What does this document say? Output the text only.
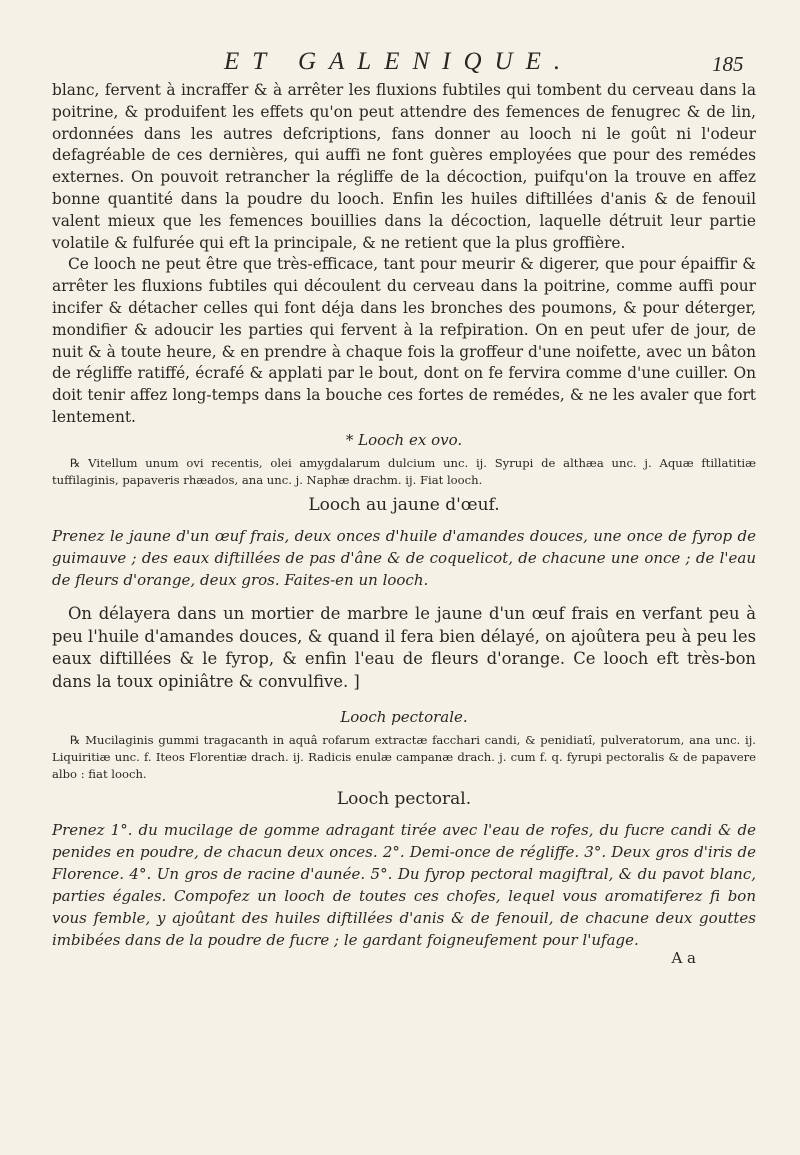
ET GALENIQUE.	185

blanc, fervent à incraffer & à arrêter les fluxions fubtiles qui tombent du cerveau dans la poitrine, & produifent les effets qu'on peut attendre des femences de fenugrec & de lin, ordonnées dans les autres defcriptions, fans donner au looch ni le goût ni l'odeur defagréable de ces dernières, qui auffi ne font guères employées que pour des remédes externes. On pouvoit retrancher la régliffe de la décoction, puifqu'on la trouve en affez bonne quantité dans la poudre du looch. Enfin les huiles diftillées d'anis & de fenouil valent mieux que les femences bouillies dans la décoction, laquelle détruit leur partie volatile & fulfurée qui eft la principale, & ne retient que la plus groffière.

Ce looch ne peut être que très-efficace, tant pour meurir & digerer, que pour épaiffir & arrêter les fluxions fubtiles qui découlent du cerveau dans la poitrine, comme auffi pour incifer & détacher celles qui font déja dans les bronches des poumons, & pour déterger, mondifier & adoucir les parties qui fervent à la refpiration. On en peut ufer de jour, de nuit & à toute heure, & en prendre à chaque fois la groffeur d'une noifette, avec un bâton de régliffe ratiffé, écrafé & applati par le bout, dont on fe fervira comme d'une cuiller. On doit tenir affez long-temps dans la bouche ces fortes de remédes, & ne les avaler que fort lentement.

* Looch ex ovo.

℞ Vitellum unum ovi recentis, olei amygdalarum dulcium unc. ij. Syrupi de althæa unc. j. Aquæ ftillatitiæ tuffilaginis, papaveris rhæados, ana unc. j. Naphæ drachm. ij. Fiat looch.

Looch au jaune d'œuf.

Prenez le jaune d'un œuf frais, deux onces d'huile d'amandes douces, une once de fyrop de guimauve ; des eaux diftillées de pas d'âne & de coquelicot, de chacune une once ; de l'eau de fleurs d'orange, deux gros. Faites-en un looch.

On délayera dans un mortier de marbre le jaune d'un œuf frais en verfant peu à peu l'huile d'amandes douces, & quand il fera bien délayé, on ajoûtera peu à peu les eaux diftillées & le fyrop, & enfin l'eau de fleurs d'orange. Ce looch eft très-bon dans la toux opiniâtre & convulfive. ]

Looch pectorale.

℞ Mucilaginis gummi tragacanth in aquâ rofarum extractæ facchari candi, & penidiatî, pulveratorum, ana unc. ij. Liquiritiæ unc. f. Iteos Florentiæ drach. ij. Radicis enulæ campanæ drach. j. cum f. q. fyrupi pectoralis & de papavere albo : fiat looch.

Looch pectoral.

Prenez 1°. du mucilage de gomme adragant tirée avec l'eau de rofes, du fucre candi & de penides en poudre, de chacun deux onces. 2°. Demi-once de régliffe. 3°. Deux gros d'iris de Florence. 4°. Un gros de racine d'aunée. 5°. Du fyrop pectoral magiftral, & du pavot blanc, parties égales. Compofez un looch de toutes ces chofes, lequel vous aromatiferez fi bon vous femble, y ajoûtant des huiles diftillées d'anis & de fenouil, de chacune deux gouttes imbibées dans de la poudre de fucre ; le gardant foigneufement pour l'ufage.

A a
